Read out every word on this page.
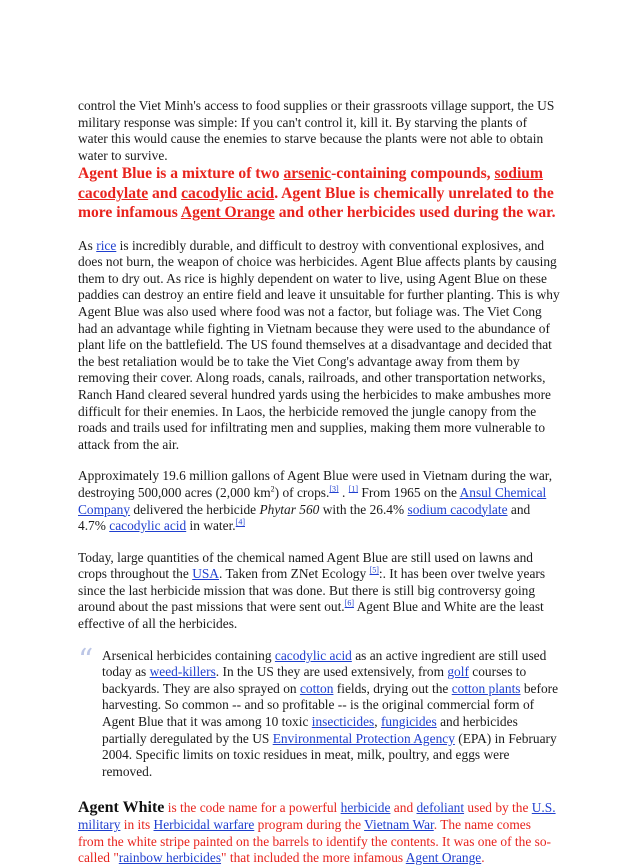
control the Viet Minh's access to food supplies or their grassroots village support, the US military response was simple: If you can't control it, kill it. By starving the plants of water this would cause the enemies to starve because the plants were not able to obtain water to survive.

Agent Blue is a mixture of two arsenic-containing compounds, sodium cacodylate and cacodylic acid. Agent Blue is chemically unrelated to the more infamous Agent Orange and other herbicides used during the war.

As rice is incredibly durable, and difficult to destroy with conventional explosives, and does not burn, the weapon of choice was herbicides. Agent Blue affects plants by causing them to dry out. As rice is highly dependent on water to live, using Agent Blue on these paddies can destroy an entire field and leave it unsuitable for further planting. This is why Agent Blue was also used where food was not a factor, but foliage was. The Viet Cong had an advantage while fighting in Vietnam because they were used to the abundance of plant life on the battlefield. The US found themselves at a disadvantage and decided that the best retaliation would be to take the Viet Cong's advantage away from them by removing their cover. Along roads, canals, railroads, and other transportation networks, Ranch Hand cleared several hundred yards using the herbicides to make ambushes more difficult for their enemies. In Laos, the herbicide removed the jungle canopy from the roads and trails used for infiltrating men and supplies, making them more vulnerable to attack from the air.

Approximately 19.6 million gallons of Agent Blue were used in Vietnam during the war, destroying 500,000 acres (2,000 $km^2$) of crops.[3] . [1] From 1965 on the Ansul Chemical Company delivered the herbicide Phytar 560 with the 26.4% sodium cacodylate and 4.7% cacodylic acid in water.[4]

Today, large quantities of the chemical named Agent Blue are still used on lawns and crops throughout the USA. Taken from ZNet Ecology [5]:. It has been over twelve years since the last herbicide mission that was done. But there is still big controversy going around about the past missions that were sent out.[6] Agent Blue and White are the least effective of all the herbicides.

“ Arsenical herbicides containing cacodylic acid as an active ingredient are still used today as weed-killers. In the US they are used extensively, from golf courses to backyards. They are also sprayed on cotton fields, drying out the cotton plants before harvesting. So common -- and so profitable -- is the original commercial form of Agent Blue that it was among 10 toxic insecticides, fungicides and herbicides partially deregulated by the US Environmental Protection Agency (EPA) in February 2004. Specific limits on toxic residues in meat, milk, poultry, and eggs were removed.

Agent White is the code name for a powerful herbicide and defoliant used by the U.S. military in its Herbicidal warfare program during the Vietnam War. The name comes from the white stripe painted on the barrels to identify the contents. It was one of the so-called "rainbow herbicides" that included the more infamous Agent Orange.
